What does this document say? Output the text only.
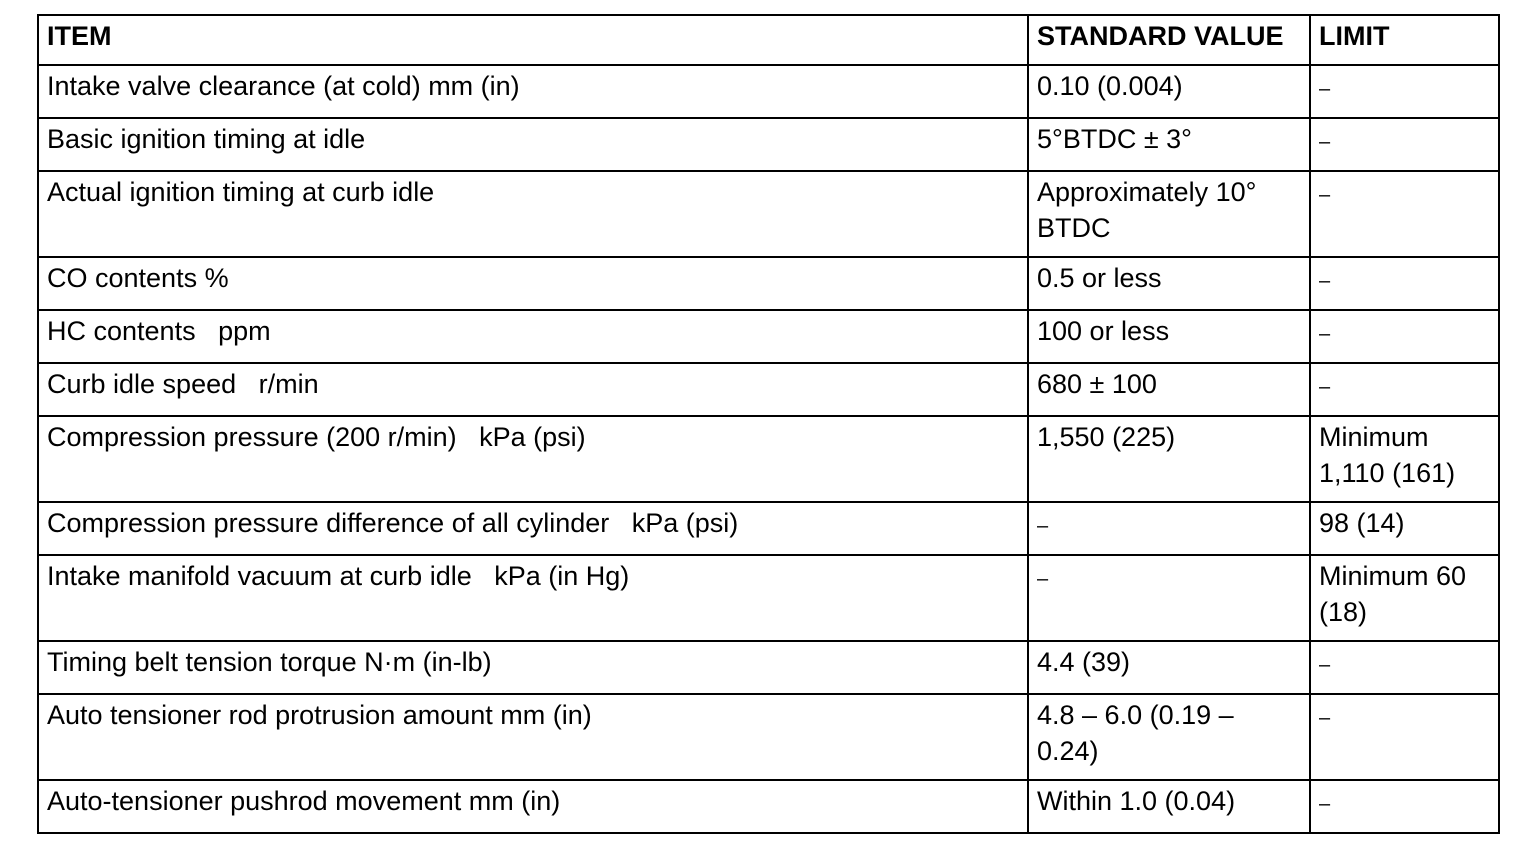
ITEM	STANDARD VALUE	LIMIT
Intake valve clearance (at cold) mm (in)	0.10 (0.004)	–
Basic ignition timing at idle	5°BTDC ± 3°	–
Actual ignition timing at curb idle	Approximately 10° BTDC	–
CO contents %	0.5 or less	–
HC contents   ppm	100 or less	–
Curb idle speed   r/min	680 ± 100	–
Compression pressure (200 r/min)   kPa (psi)	1,550 (225)	Minimum 1,110 (161)
Compression pressure difference of all cylinder   kPa (psi)	–	98 (14)
Intake manifold vacuum at curb idle   kPa (in Hg)	–	Minimum 60 (18)
Timing belt tension torque N·m (in-lb)	4.4 (39)	–
Auto tensioner rod protrusion amount mm (in)	4.8 – 6.0 (0.19 – 0.24)	–
Auto-tensioner pushrod movement mm (in)	Within 1.0 (0.04)	–
